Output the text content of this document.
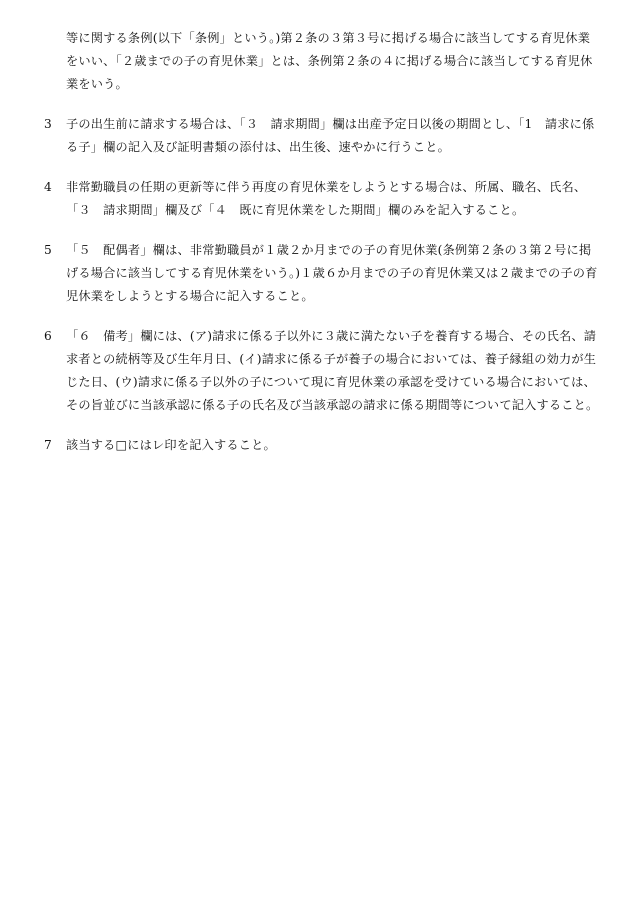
等に関する条例(以下「条例」という。)第２条の３第３号に掲げる場合に該当してする育児休業をいい、「２歳までの子の育児休業」とは、条例第２条の４に掲げる場合に該当してする育児休業をいう。
3	子の出生前に請求する場合は、「３　請求期間」欄は出産予定日以後の期間とし、「1　請求に係る子」欄の記入及び証明書類の添付は、出生後、速やかに行うこと。
4	非常勤職員の任期の更新等に伴う再度の育児休業をしようとする場合は、所属、職名、氏名、「３　請求期間」欄及び「４　既に育児休業をした期間」欄のみを記入すること。
5	「５　配偶者」欄は、非常勤職員が１歳２か月までの子の育児休業(条例第２条の３第２号に掲げる場合に該当してする育児休業をいう。)１歳６か月までの子の育児休業又は２歳までの子の育児休業をしようとする場合に記入すること。
6	「６　備考」欄には、(ア)請求に係る子以外に３歳に満たない子を養育する場合、その氏名、請求者との続柄等及び生年月日、(イ)請求に係る子が養子の場合においては、養子縁組の効力が生じた日、(ウ)請求に係る子以外の子について現に育児休業の承認を受けている場合においては、その旨並びに当該承認に係る子の氏名及び当該承認の請求に係る期間等について記入すること。
7	該当する□にはレ印を記入すること。
